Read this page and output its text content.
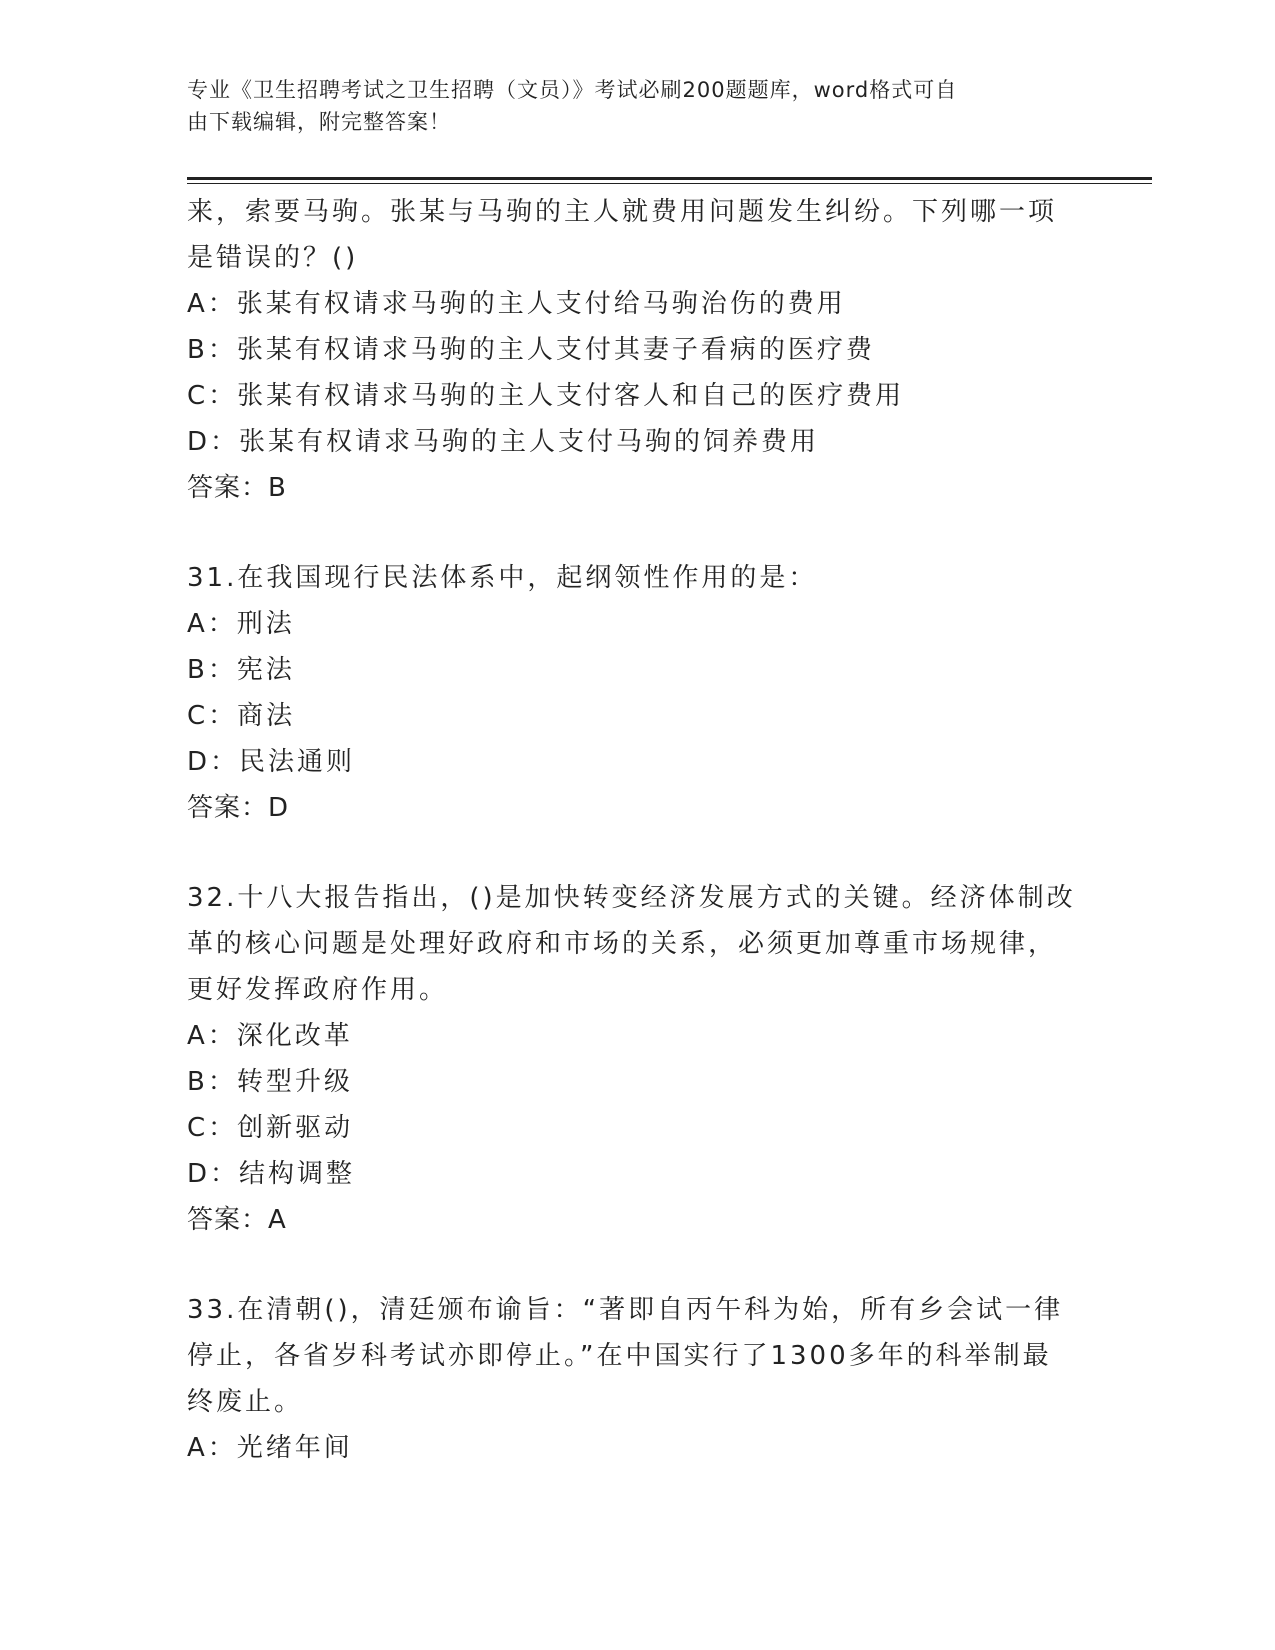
专业《卫生招聘考试之卫生招聘（文员）》考试必刷200题题库，word格式可自
由下载编辑，附完整答案！
来，索要马驹。张某与马驹的主人就费用问题发生纠纷。下列哪一项
是错误的？()
A：张某有权请求马驹的主人支付给马驹治伤的费用
B：张某有权请求马驹的主人支付其妻子看病的医疗费
C：张某有权请求马驹的主人支付客人和自己的医疗费用
D：张某有权请求马驹的主人支付马驹的饲养费用
答案：B
31.在我国现行民法体系中，起纲领性作用的是：
A：刑法
B：宪法
C：商法
D：民法通则
答案：D
32.十八大报告指出，()是加快转变经济发展方式的关键。经济体制改
革的核心问题是处理好政府和市场的关系，必须更加尊重市场规律，
更好发挥政府作用。
A：深化改革
B：转型升级
C：创新驱动
D：结构调整
答案：A
33.在清朝()，清廷颁布谕旨：“著即自丙午科为始，所有乡会试一律
停止，各省岁科考试亦即停止。”在中国实行了1300多年的科举制最
终废止。
A：光绪年间
